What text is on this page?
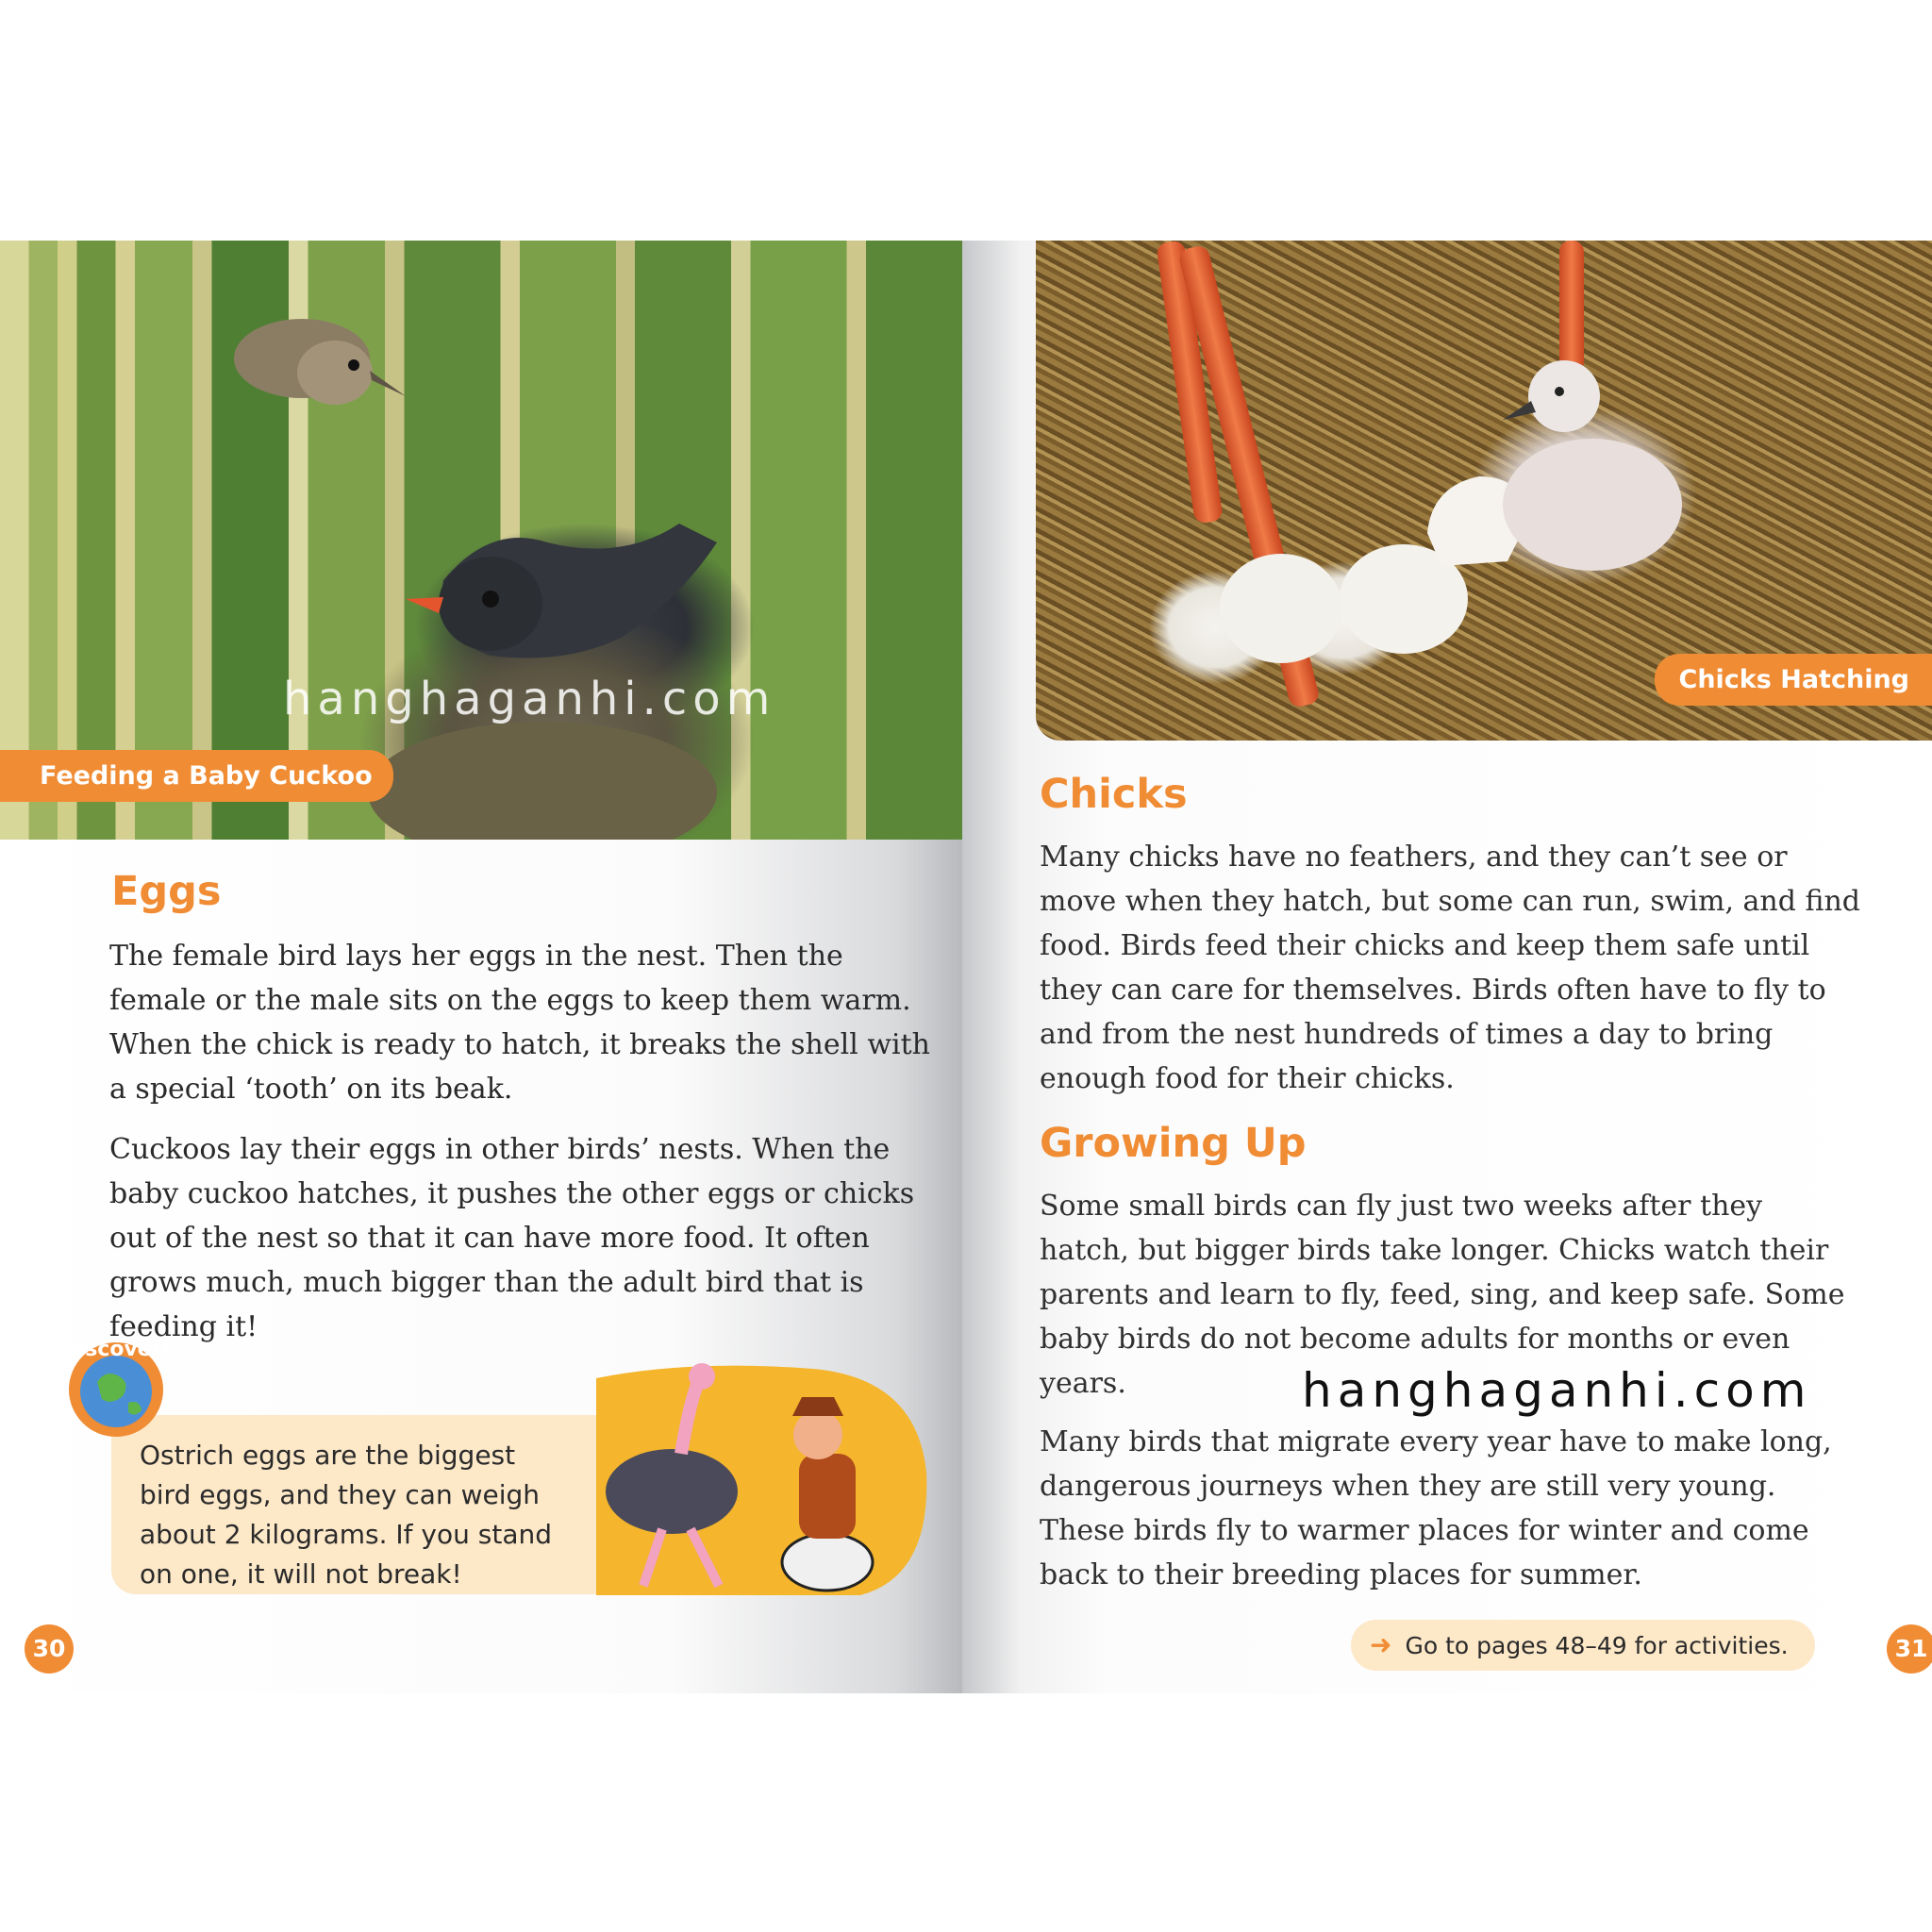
Feeding a Baby Cuckoo
hanghaganhi.com
Eggs

The female bird lays her eggs in the nest. Then the female or the male sits on the eggs to keep them warm. When the chick is ready to hatch, it breaks the shell with a special ‘tooth’ on its beak.

Cuckoos lay their eggs in other birds’ nests. When the baby cuckoo hatches, it pushes the other eggs or chicks out of the nest so that it can have more food. It often grows much, much bigger than the adult bird that is feeding it!

Ostrich eggs are the biggest bird eggs, and they can weigh about 2 kilograms. If you stand on one, it will not break!

Discover!
30
Chicks Hatching
Chicks

Many chicks have no feathers, and they can’t see or move when they hatch, but some can run, swim, and find food. Birds feed their chicks and keep them safe until they can care for themselves. Birds often have to fly to and from the nest hundreds of times a day to bring enough food for their chicks.

Growing Up

Some small birds can fly just two weeks after they hatch, but bigger birds take longer. Chicks watch their parents and learn to fly, feed, sing, and keep safe. Some baby birds do not become adults for months or even years.

Many birds that migrate every year have to make long, dangerous journeys when they are still very young. These birds fly to warmer places for winter and come back to their breeding places for summer.

hanghaganhi.com
➜ Go to pages 48–49 for activities.	31
